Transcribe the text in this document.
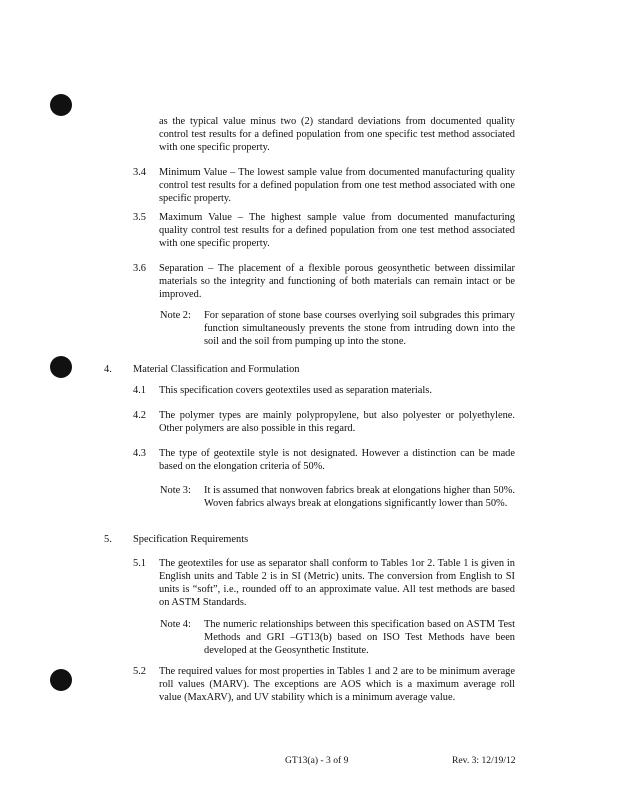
as the typical value minus two (2) standard deviations from documented quality control test results for a defined population from one specific test method associated with one specific property.
3.4 Minimum Value – The lowest sample value from documented manufacturing quality control test results for a defined population from one test method associated with one specific property.
3.5 Maximum Value – The highest sample value from documented manufacturing quality control test results for a defined population from one test method associated with one specific property.
3.6 Separation – The placement of a flexible porous geosynthetic between dissimilar materials so the integrity and functioning of both materials can remain intact or be improved.
Note 2: For separation of stone base courses overlying soil subgrades this primary function simultaneously prevents the stone from intruding down into the soil and the soil from pumping up into the stone.
4. Material Classification and Formulation
4.1 This specification covers geotextiles used as separation materials.
4.2 The polymer types are mainly polypropylene, but also polyester or polyethylene. Other polymers are also possible in this regard.
4.3 The type of geotextile style is not designated. However a distinction can be made based on the elongation criteria of 50%.
Note 3: It is assumed that nonwoven fabrics break at elongations higher than 50%. Woven fabrics always break at elongations significantly lower than 50%.
5. Specification Requirements
5.1 The geotextiles for use as separator shall conform to Tables 1or 2. Table 1 is given in English units and Table 2 is in SI (Metric) units. The conversion from English to SI units is “soft”, i.e., rounded off to an approximate value. All test methods are based on ASTM Standards.
Note 4: The numeric relationships between this specification based on ASTM Test Methods and GRI –GT13(b) based on ISO Test Methods have been developed at the Geosynthetic Institute.
5.2 The required values for most properties in Tables 1 and 2 are to be minimum average roll values (MARV). The exceptions are AOS which is a maximum average roll value (MaxARV), and UV stability which is a minimum average value.
GT13(a) - 3 of 9	Rev. 3: 12/19/12
